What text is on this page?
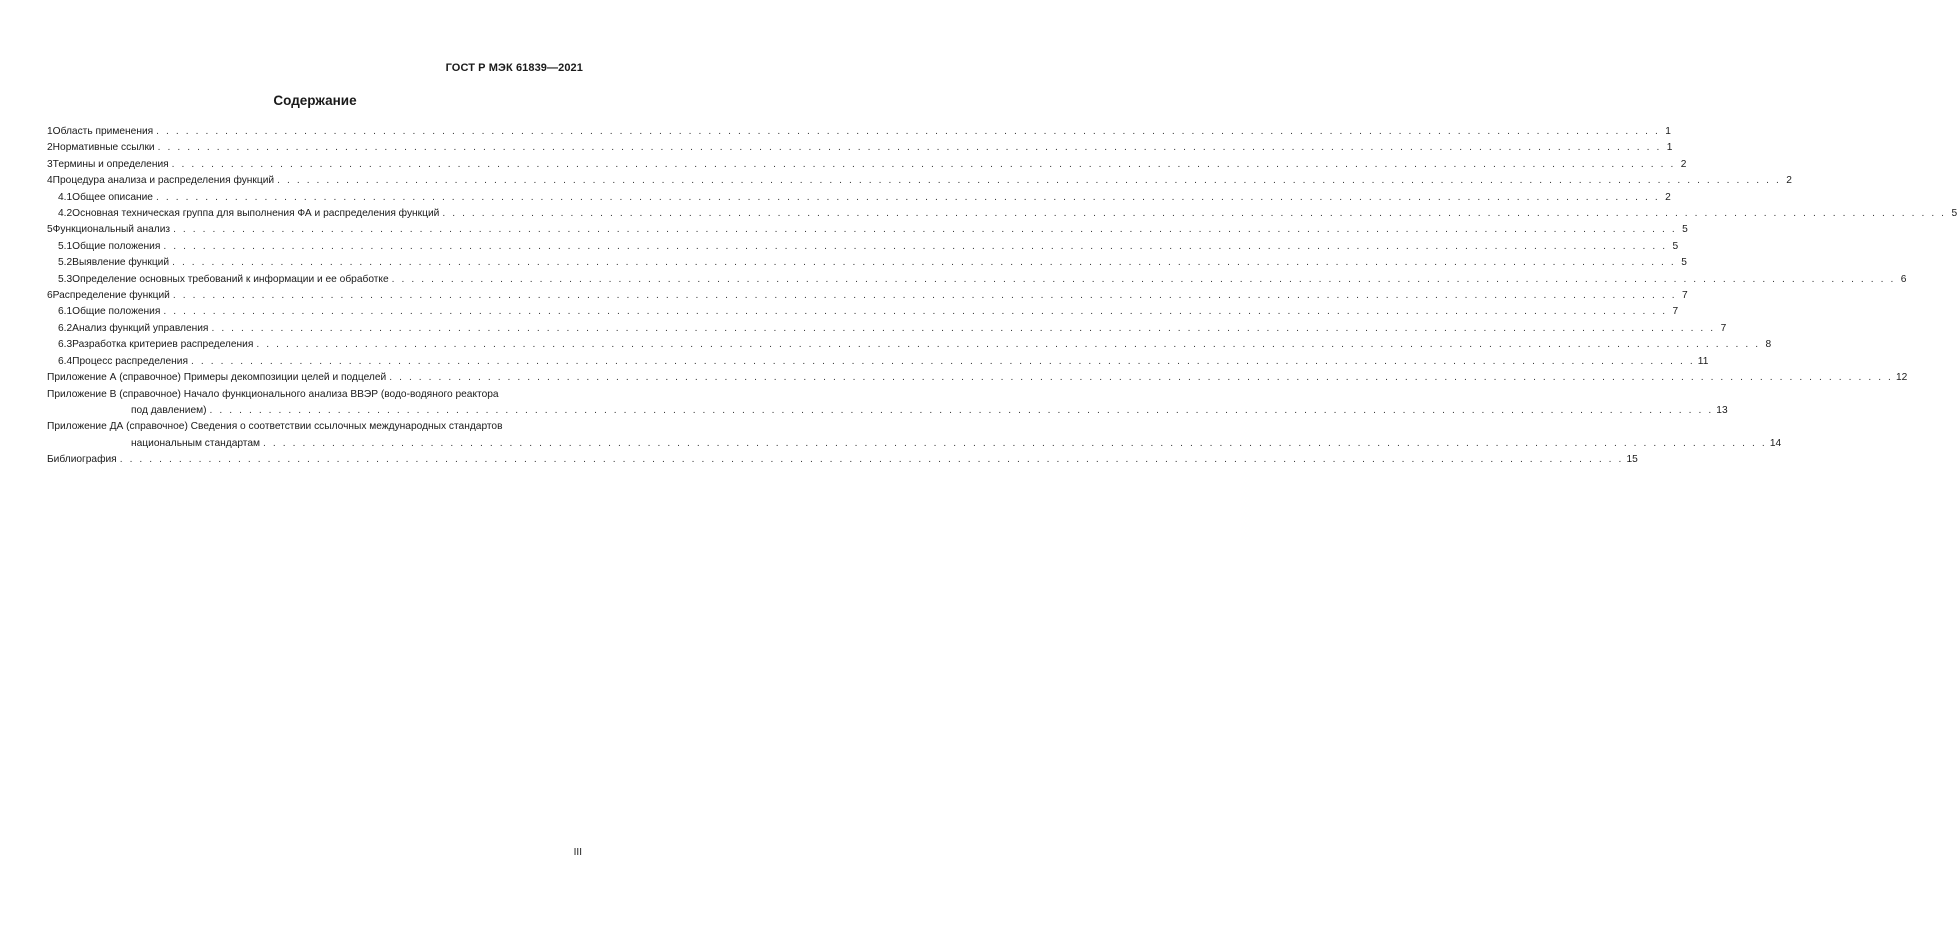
ГОСТ Р МЭК 61839—2021
Содержание
1 Область применения . . .	1
2 Нормативные ссылки . . .	1
3 Термины и определения . . .	2
4 Процедура анализа и распределения функций . . .	2
4.1 Общее описание . . .	2
4.2 Основная техническая группа для выполнения ФА и распределения функций . . .	5
5 Функциональный анализ . . .	5
5.1 Общие положения . . .	5
5.2 Выявление функций . . .	5
5.3 Определение основных требований к информации и ее обработке . . .	6
6 Распределение функций . . .	7
6.1 Общие положения . . .	7
6.2 Анализ функций управления . . .	7
6.3 Разработка критериев распределения . . .	8
6.4 Процесс распределения . . .	11
Приложение А (справочное) Примеры декомпозиции целей и подцелей . . .	12
Приложение В (справочное) Начало функционального анализа ВВЭР (водо-водяного реактора
под давлением) . . .	13
Приложение ДА (справочное) Сведения о соответствии ссылочных международных стандартов
национальным стандартам . . .	14
Библиография . . .	15
III
